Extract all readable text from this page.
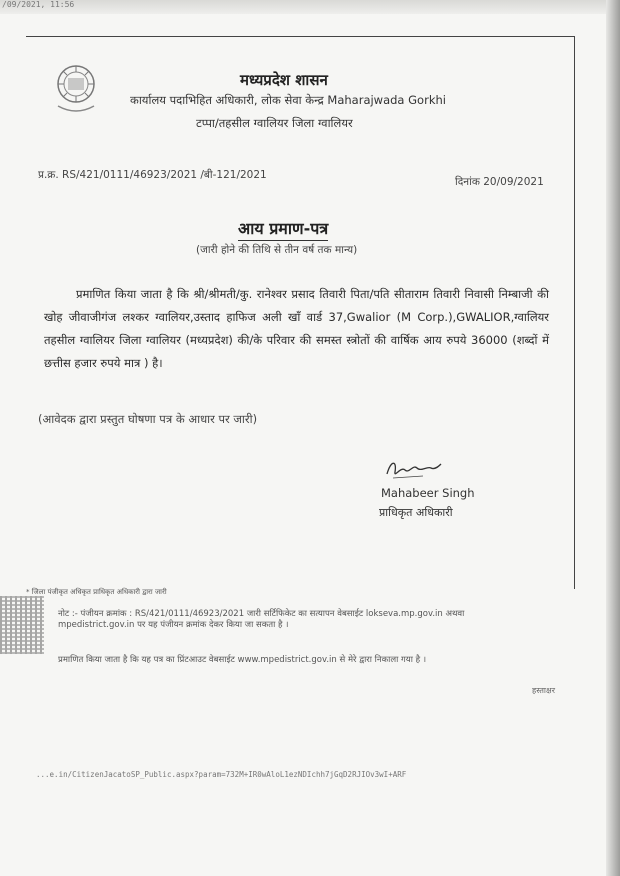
/09/2021, 11:56
मध्यप्रदेश शासन
कार्यालय पदाभिहित अधिकारी, लोक सेवा केन्द्र Maharajwada Gorkhi
टप्पा/तहसील ग्वालियर जिला ग्वालियर
प्र.क्र. RS/421/0111/46923/2021 /बी-121/2021
दिनांक 20/09/2021
आय प्रमाण-पत्र
(जारी होने की तिथि से तीन वर्ष तक मान्य)

प्रमाणित किया जाता है कि श्री/श्रीमती/कु. रानेश्वर प्रसाद तिवारी पिता/पति सीताराम तिवारी निवासी निम्बाजी की खोह जीवाजीगंज लश्कर ग्वालियर,उस्ताद हाफिज अली खाँ वार्ड 37,Gwalior (M Corp.),GWALIOR,ग्वालियर तहसील ग्वालियर जिला ग्वालियर (मध्यप्रदेश) की/के परिवार की समस्त स्त्रोतों की वार्षिक आय रुपये 36000 (शब्दों में छत्तीस हजार रुपये मात्र ) है।

(आवेदक द्वारा प्रस्तुत घोषणा पत्र के आधार पर जारी)
Mahabeer Singh
प्राधिकृत अधिकारी
* जिला पंजीकृत अधिकृत प्राधिकृत अधिकारी द्वारा जारी
नोट :- पंजीयन क्रमांक : RS/421/0111/46923/2021 जारी सर्टिफिकेट का सत्यापन वेबसाईट lokseva.mp.gov.in अथवा mpedistrict.gov.in पर यह पंजीयन क्रमांक देकर किया जा सकता है ।
प्रमाणित किया जाता है कि यह पत्र का प्रिंटआउट वेबसाईट www.mpedistrict.gov.in से मेरे द्वारा निकाला गया है ।
हस्ताक्षर
...e.in/CitizenJacatoSP_Public.aspx?param=732M+IR0wAloL1ezNDIchh7jGqD2RJIOv3wI+ARF
